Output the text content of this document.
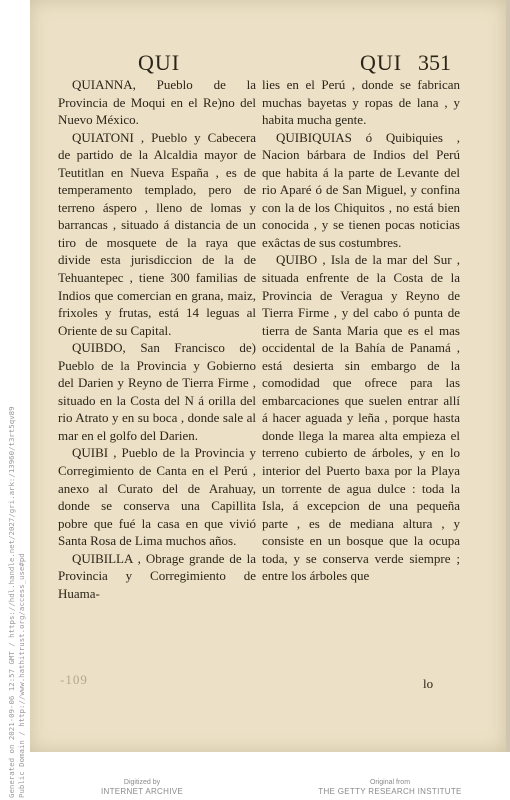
QUI	QUI 351

QUIANNA, Pueblo de la Provincia de Moqui en el Re)no del Nuevo México.

QUIATONI , Pueblo y Cabecera de partido de la Alcaldia mayor de Teutitlan en Nueva España , es de temperamento templado, pero de terreno áspero , lleno de lomas y barrancas , situado á distancia de un tiro de mosquete de la raya que divide esta jurisdiccion de la de Tehuantepec , tiene 300 familias de Indios que comercian en grana, maiz, frixoles y frutas, está 14 leguas al Oriente de su Capital.

QUIBDO, San Francisco de) Pueblo de la Provincia y Gobierno del Darien y Reyno de Tierra Firme , situado en la Costa del N á orilla del rio Atrato y en su boca , donde sale al mar en el golfo del Darien.

QUIBI , Pueblo de la Provincia y Corregimiento de Canta en el Perú , anexo al Curato del de Arahuay, donde se conserva una Capillita pobre que fué la casa en que vivió Santa Rosa de Lima muchos años.

QUIBILLA , Obrage grande de la Provincia y Corregimiento de Huama-

lies en el Perú , donde se fabrican muchas bayetas y ropas de lana , y habita mucha gente.

QUIBIQUIAS ó Quibiquies , Nacion bárbara de Indios del Perú que habita á la parte de Levante del rio Aparé ó de San Miguel, y confina con la de los Chiquitos , no está bien conocida , y se tienen pocas noticias exâctas de sus costumbres.

QUIBO , Isla de la mar del Sur , situada enfrente de la Costa de la Provincia de Veragua y Reyno de Tierra Firme , y del cabo ó punta de tierra de Santa Maria que es el mas occidental de la Bahía de Panamá , está desierta sin embargo de la comodidad que ofrece para las embarcaciones que suelen entrar allí á hacer aguada y leña , porque hasta donde llega la marea alta empieza el terreno cubierto de árboles, y en lo interior del Puerto baxa por la Playa un torrente de agua dulce : toda la Isla, á excepcion de una pequeña parte , es de mediana altura , y consiste en un bosque que la ocupa toda, y se conserva verde siempre ; entre los árboles que

-109	lo
Generated on 2021-09-06 12:57 GMT / https://hdl.handle.net/2027/gri.ark:/13960/t3rt5qv89 Public Domain / http://www.hathitrust.org/access_use#pd	Digitized by
INTERNET ARCHIVE
Original from
THE GETTY RESEARCH INSTITUTE
